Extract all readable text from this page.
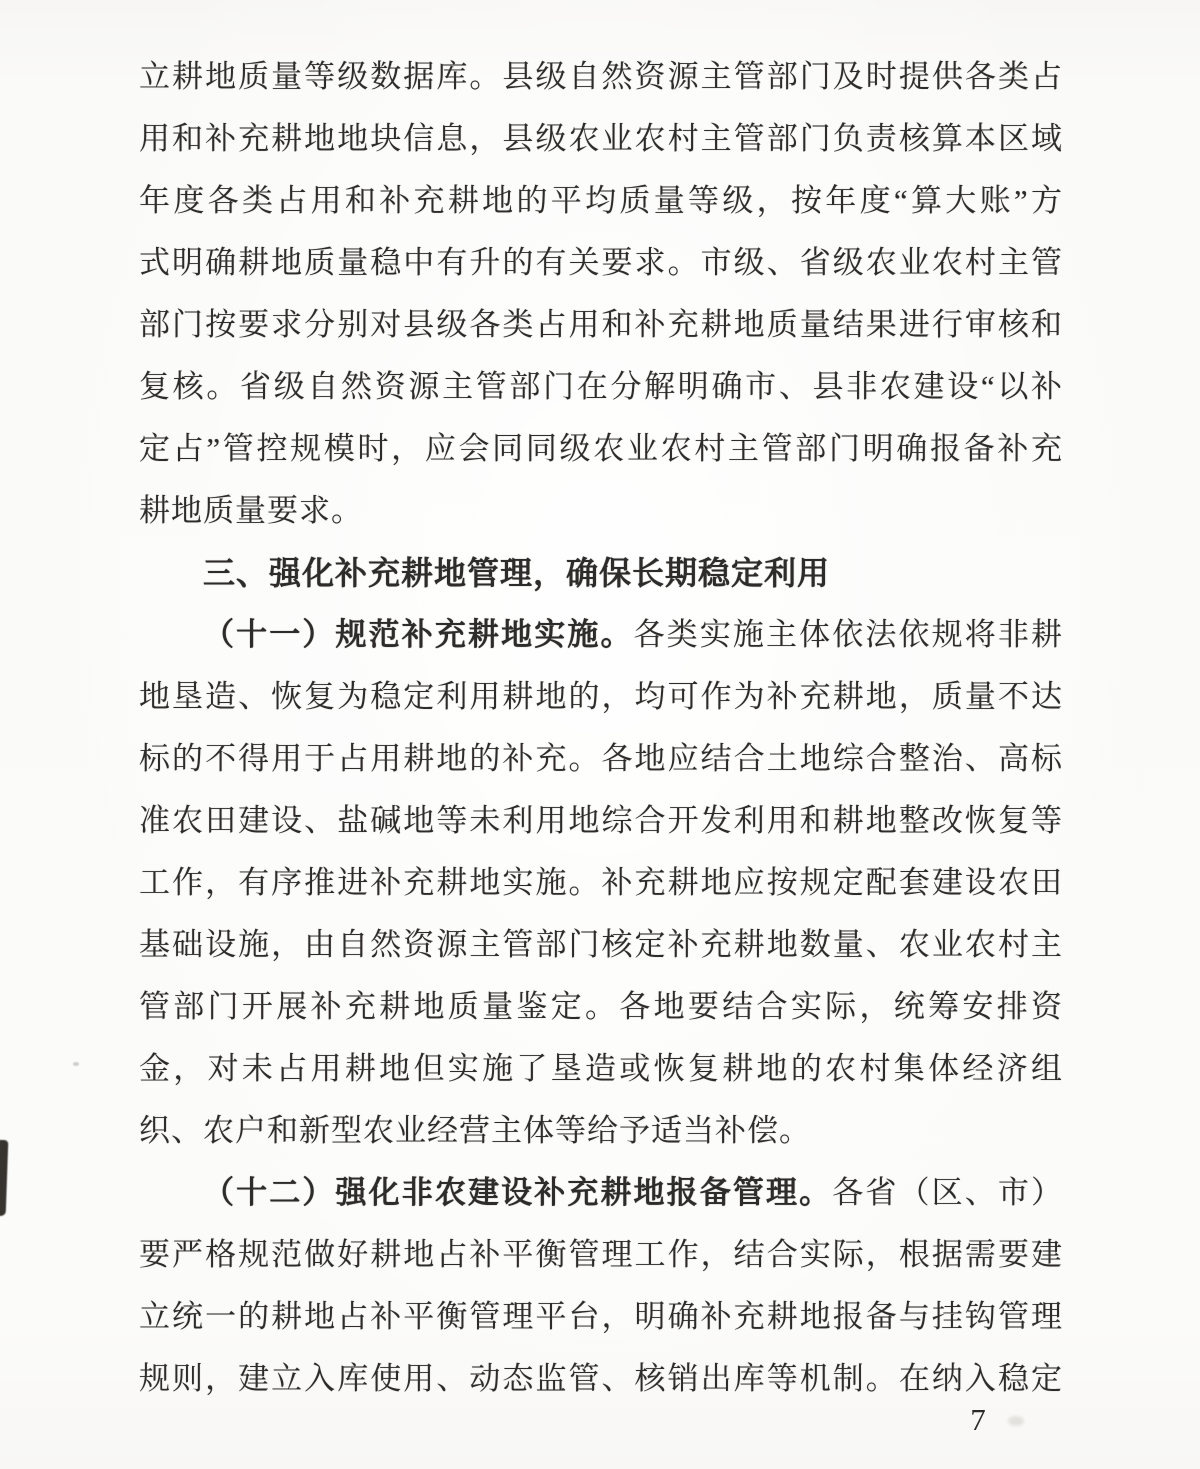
立耕地质量等级数据库。县级自然资源主管部门及时提供各类占
用和补充耕地地块信息，县级农业农村主管部门负责核算本区域
年度各类占用和补充耕地的平均质量等级，按年度“算大账”方
式明确耕地质量稳中有升的有关要求。市级、省级农业农村主管
部门按要求分别对县级各类占用和补充耕地质量结果进行审核和
复核。省级自然资源主管部门在分解明确市、县非农建设“以补
定占”管控规模时，应会同同级农业农村主管部门明确报备补充
耕地质量要求。
三、强化补充耕地管理，确保长期稳定利用
（十一）规范补充耕地实施。各类实施主体依法依规将非耕
地垦造、恢复为稳定利用耕地的，均可作为补充耕地，质量不达
标的不得用于占用耕地的补充。各地应结合土地综合整治、高标
准农田建设、盐碱地等未利用地综合开发利用和耕地整改恢复等
工作，有序推进补充耕地实施。补充耕地应按规定配套建设农田
基础设施，由自然资源主管部门核定补充耕地数量、农业农村主
管部门开展补充耕地质量鉴定。各地要结合实际，统筹安排资
金，对未占用耕地但实施了垦造或恢复耕地的农村集体经济组
织、农户和新型农业经营主体等给予适当补偿。
（十二）强化非农建设补充耕地报备管理。各省（区、市）
要严格规范做好耕地占补平衡管理工作，结合实际，根据需要建
立统一的耕地占补平衡管理平台，明确补充耕地报备与挂钩管理
规则，建立入库使用、动态监管、核销出库等机制。在纳入稳定
7
